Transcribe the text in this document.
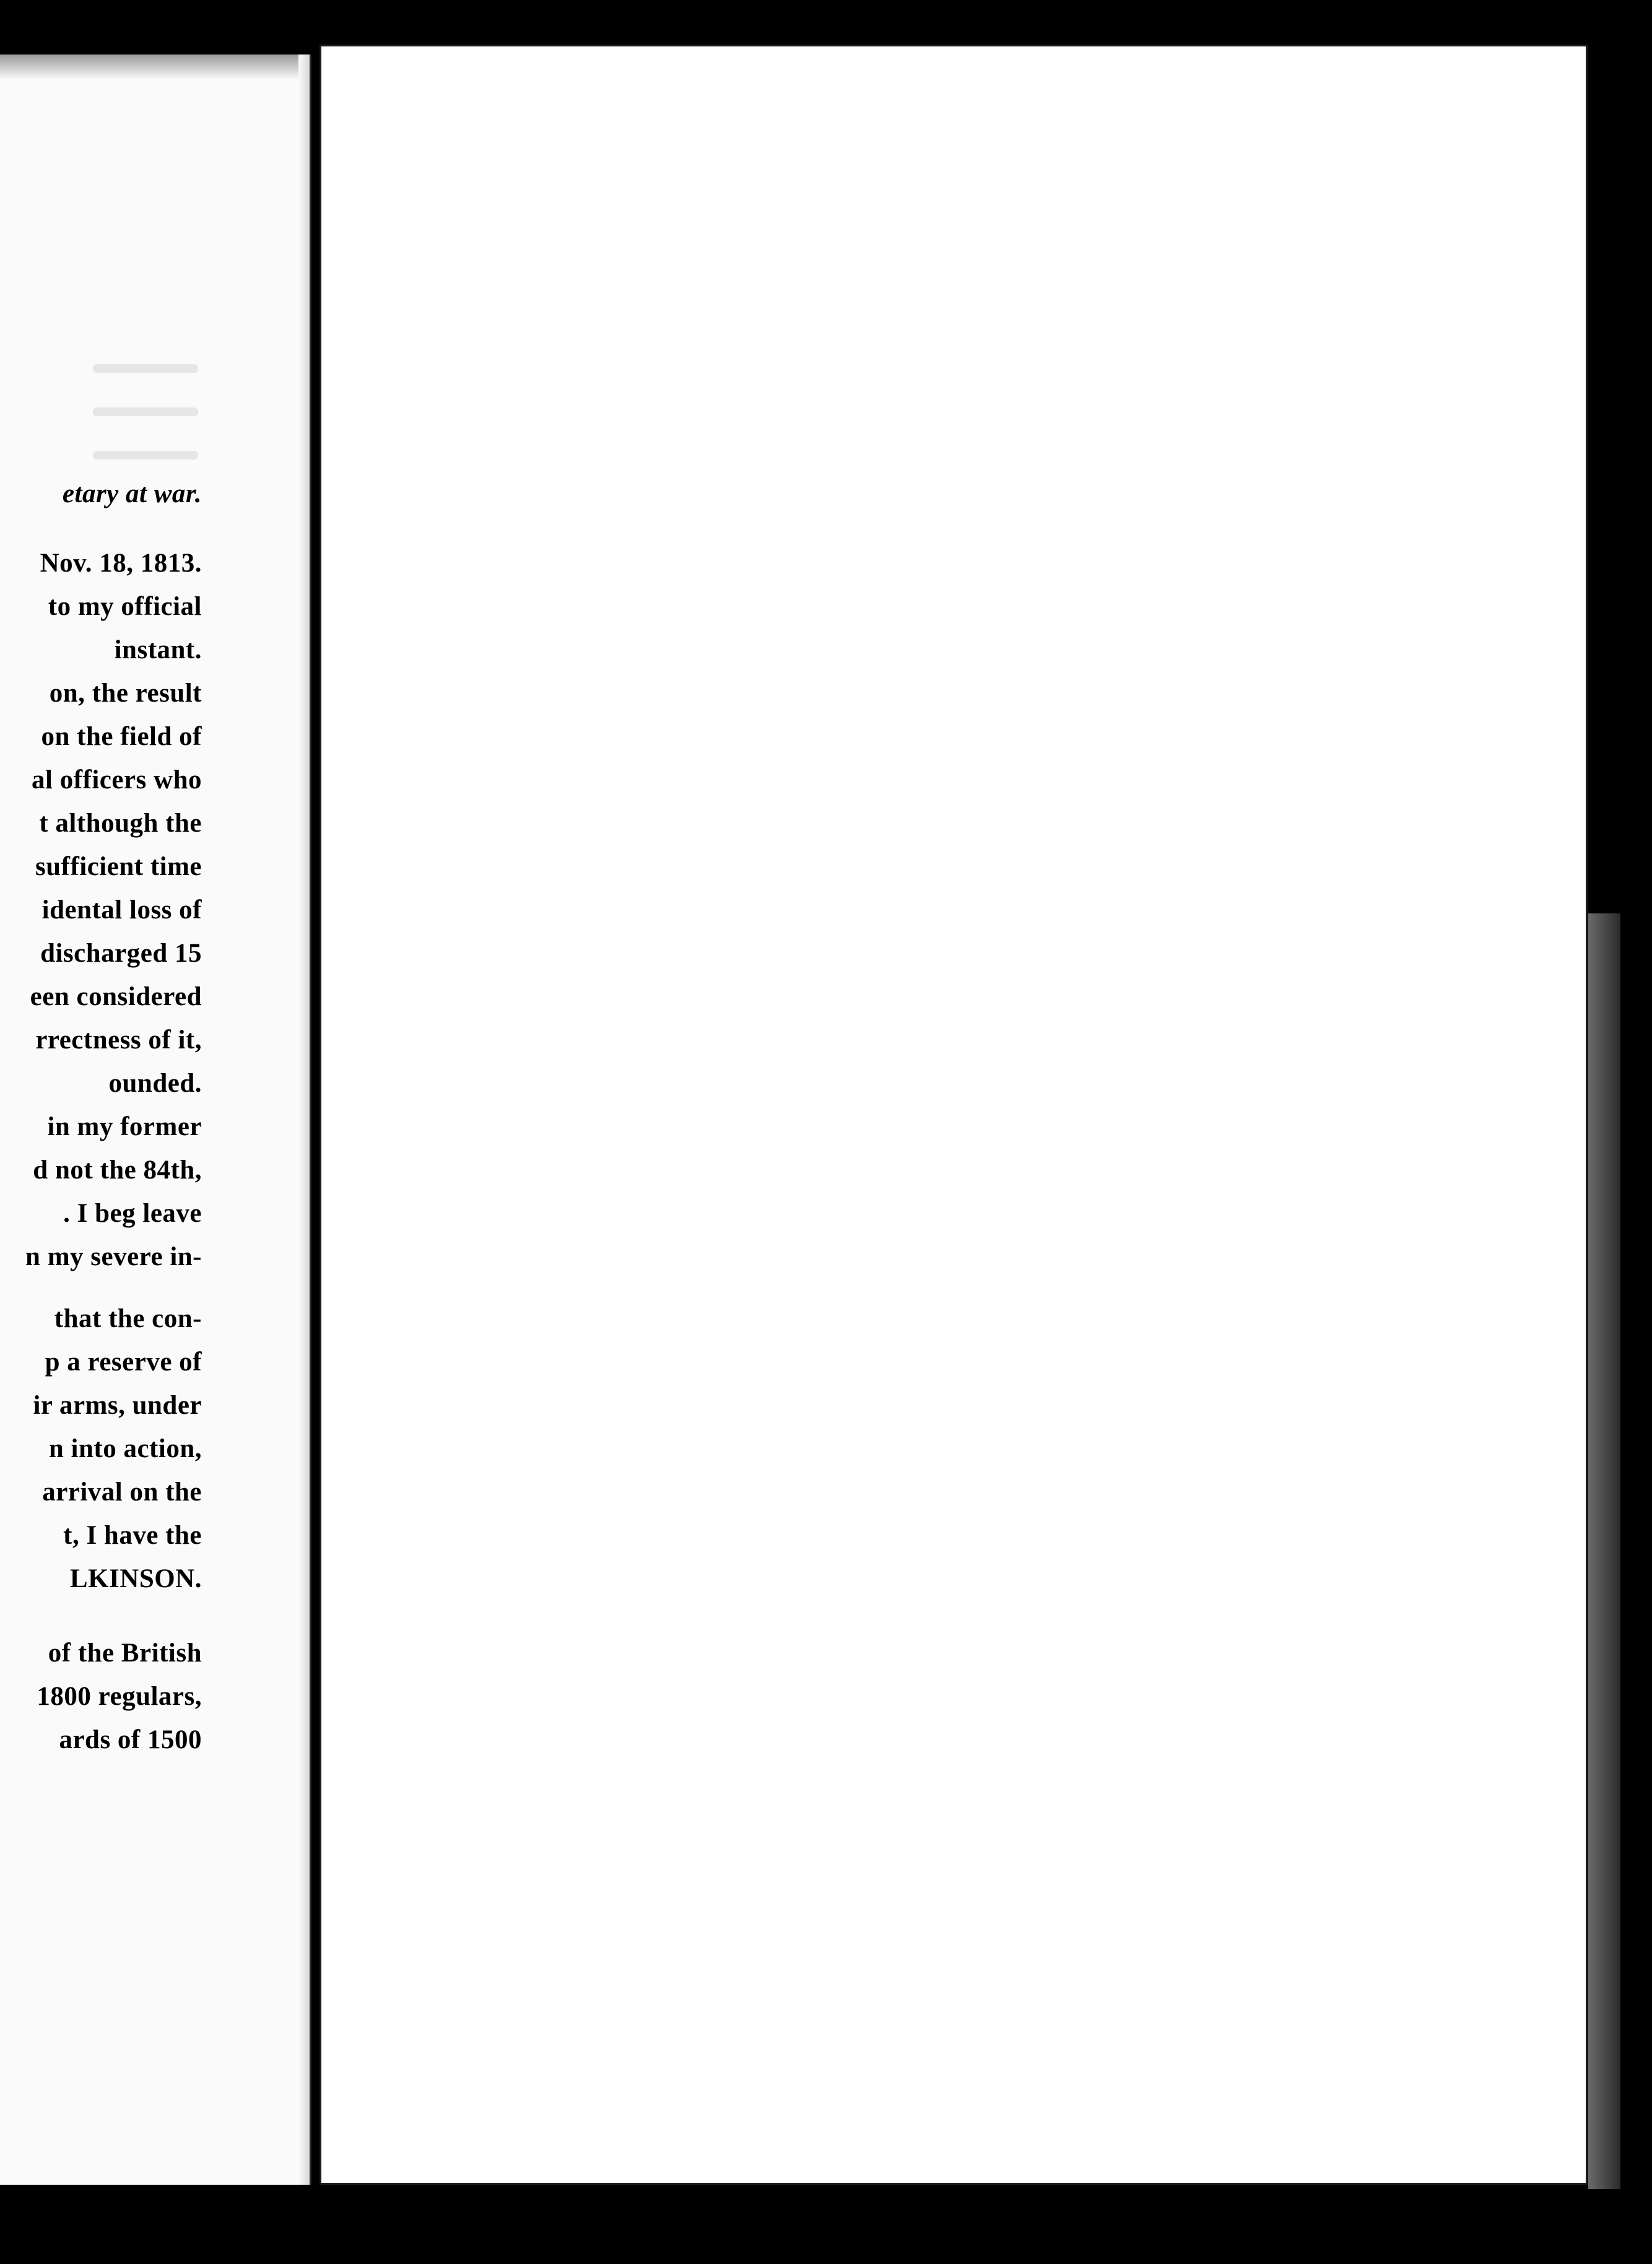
etary at war.
Nov. 18, 1813.
to my official
instant.
on, the result
on the field of
al officers who
t although the
sufficient time
idental loss of
discharged 15
een considered
rrectness of it,
ounded.
in my former
d not the 84th,
. I beg leave
n my severe in-
that the con-
p a reserve of
ir arms, under
n into action,
arrival on the
t, I have the
LKINSON.
of the British
1800 regulars,
ards of 1500
